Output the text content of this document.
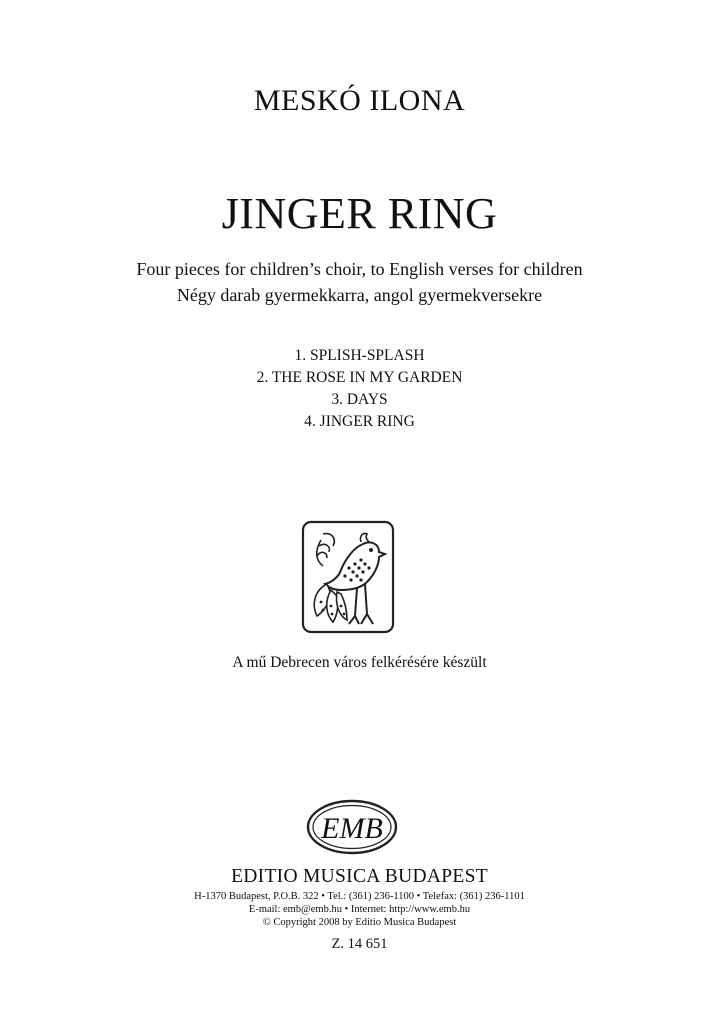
MESKÓ ILONA
JINGER RING
Four pieces for children’s choir, to English verses for children
Négy darab gyermekkarra, angol gyermekversekre
1. SPLISH-SPLASH
2. THE ROSE IN MY GARDEN
3. DAYS
4. JINGER RING
A mű Debrecen város felkérésére készült
EMB
EDITIO MUSICA BUDAPEST
H-1370 Budapest, P.O.B. 322 • Tel.: (361) 236-1100 • Telefax: (361) 236-1101
E-mail: emb@emb.hu • Internet: http://www.emb.hu
© Copyright 2008 by Editio Musica Budapest
Z. 14 651
